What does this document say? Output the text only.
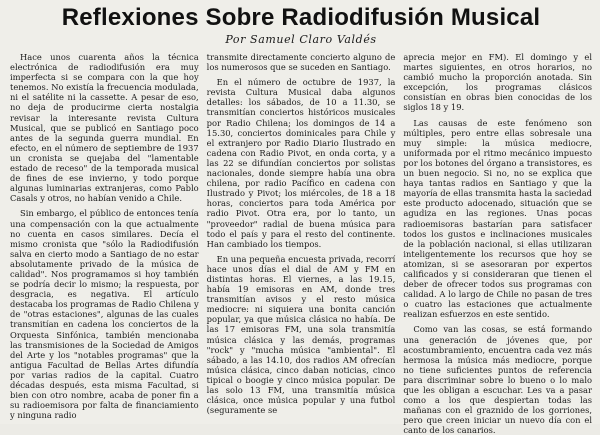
Reflexiones Sobre Radiodifusión Musical
Por Samuel Claro Valdés

Hace unos cuarenta años la técnica electrónica de radiodifusión era muy imperfecta si se compara con la que hoy tenemos. No existía la frecuencia modulada, ni el satélite ni la cassette. A pesar de eso, no deja de producirme cierta nostalgia revisar la interesante revista Cultura Musical, que se publicó en Santiago poco antes de la segunda guerra mundial. En efecto, en el número de septiembre de 1937 un cronista se quejaba del "lamentable estado de receso" de la temporada musical de fines de ese invierno, y todo porque algunas luminarias extranjeras, como Pablo Casals y otros, no habían venido a Chile.

Sin embargo, el público de entonces tenía una compensación con la que actualmente no cuenta en casos similares. Decía el mismo cronista que "sólo la Radiodifusión salva en cierto modo a Santiago de no estar absolutamente privado de la música de calidad". Nos programamos si hoy también se podría decir lo mismo; la respuesta, por desgracia, es negativa. El artículo destacaba los programas de Radio Chilena y de "otras estaciones", algunas de las cuales transmitían en cadena los conciertos de la Orquesta Sinfónica, también mencionaba las transmisiones de la Sociedad de Amigos del Arte y los "notables programas" que la antigua Facultad de Bellas Artes difundía por varias radios de la capital. Cuatro décadas después, esta misma Facultad, si bien con otro nombre, acaba de poner fin a su radioemisora por falta de financiamiento y ninguna radio

transmite directamente concierto alguno de los numerosos que se suceden en Santiago.

En el número de octubre de 1937, la revista Cultura Musical daba algunos detalles: los sábados, de 10 a 11.30, se transmitían conciertos históricos musicales por Radio Chilena; los domingos de 14 a 15.30, conciertos dominicales para Chile y el extranjero por Radio Diario Ilustrado en cadena con Radio Pivot, en onda corta, y a las 22 se difundían conciertos por solistas nacionales, donde siempre había una obra chilena, por radio Pacífico en cadena con Ilustrado y Pivot; los miércoles, de 18 a 18 horas, conciertos para toda América por radio Pivot. Otra era, por lo tanto, un "proveedor" radial de buena música para todo el país y para el resto del continente. Han cambiado los tiempos.

En una pequeña encuesta privada, recorrí hace unos días el dial de AM y FM en distintas horas. El viernes, a las 19.15, había 19 emisoras en AM, donde tres transmitían avisos y el resto música mediocre: ni siquiera una bonita canción popular, ya que música clásica no había. De las 17 emisoras FM, una sola transmitía música clásica y las demás, programas "rock" y "mucha música "ambiental". El sábado, a las 14.10, dos radios AM ofrecían música clásica, cinco daban noticias, cinco tipical o boogie y cinco música popular. De las solo 13 FM, una transmitía música clásica, once música popular y una futbol (seguramente se

aprecia mejor en FM). El domingo y el martes siguientes, en otros horarios, no cambió mucho la proporción anotada. Sin excepción, los programas clásicos consistían en obras bien conocidas de los siglos 18 y 19.

Las causas de este fenómeno son múltiples, pero entre ellas sobresale una muy simple: la música mediocre, uniformada por el ritmo mecánico impuesto por los botones del órgano a transistores, es un buen negocio. Si no, no se explica que haya tantas radios en Santiago y que la mayoría de ellas transmita hasta la saciedad este producto adocenado, situación que se agudiza en las regiones. Unas pocas radioemisoras bastarían para satisfacer todos los gustos e inclinaciones musicales de la población nacional, si ellas utilizaran inteligentemente los recursos que hoy se atomizan, si se asesoraran por expertos calificados y si consideraran que tienen el deber de ofrecer todos sus programas con calidad. A lo largo de Chile no pasan de tres o cuatro las estaciones que actualmente realizan esfuerzos en este sentido.

Como van las cosas, se está formando una generación de jóvenes que, por acostumbramiento, encuentra cada vez más hermosa la música más mediocre, porque no tiene suficientes puntos de referencia para discriminar sobre lo bueno o lo malo que les obligan a escuchar. Les va a pasar como a los que despiertan todas las mañanas con el graznido de los gorriones, pero que creen iniciar un nuevo día con el canto de los canarios.
